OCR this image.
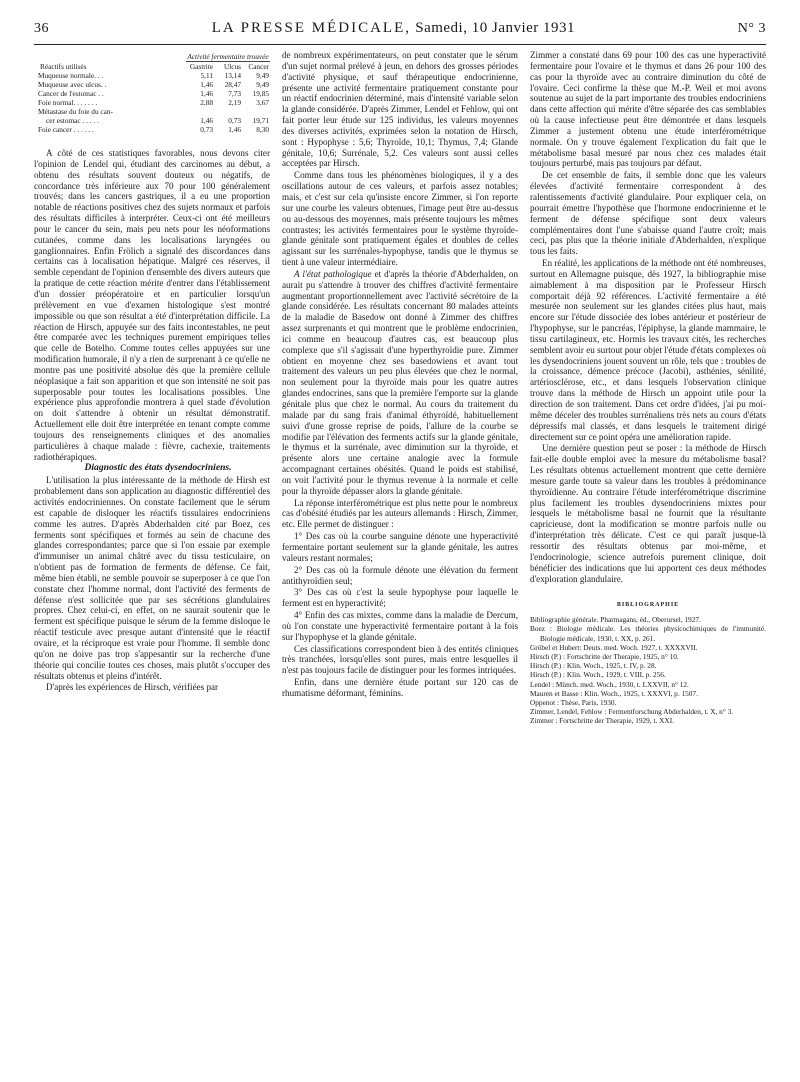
36	LA PRESSE MÉDICALE, Samedi, 10 Janvier 1931	N° 3
	Activité fermentaire trouvée		
Réactifs utilisés	Gastrite	Ulcus	Cancer
Muqueuse normale. . .	5,11	13,14	9,49
Muqueuse avec ulcus. .	1,46	28,47	9,49
Cancer de l'estomac . .	1,46	7,73	19,85
Foie normal. . . . . . .	2,88	2,19	3,67
Métastase du foie du can-			
cer estomac . . . . .	1,46	0,73	19,71
Foie cancer . . . . . .	0,73	1,46	8,30

A côté de ces statistiques favorables, nous devons citer l'opinion de Lendel qui, étudiant des carcinomes au début, a obtenu des résultats souvent douteux ou négatifs, de concordance très inférieure aux 70 pour 100 généralement trouvés; dans les cancers gastriques, il a eu une proportion notable de réactions positives chez des sujets normaux et parfois des résultats difficiles à interpréter. Ceux-ci ont été meilleurs pour le cancer du sein, mais peu nets pour les néoformations cutanées, comme dans les localisations laryngées ou ganglionnaires. Enfin Frölich a signalé des discordances dans certains cas à localisation hépatique. Malgré ces réserves, il semble cependant de l'opinion d'ensemble des divers auteurs que la pratique de cette réaction mérite d'entrer dans l'établissement d'un dossier préopératoire et en particulier lorsqu'un prélèvement en vue d'examen histologique s'est montré impossible ou que son résultat a été d'interprétation difficile. La réaction de Hirsch, appuyée sur des faits incontestables, ne peut être comparée avec les techniques purement empiriques telles que celle de Botelho. Comme toutes celles appuyées sur une modification humorale, il n'y a rien de surprenant à ce qu'elle ne montre pas une positivité absolue dès que la première cellule néoplasique a fait son apparition et que son intensité ne soit pas superposable pour toutes les localisations possibles. Une expérience plus approfondie montrera à quel stade d'évolution on doit s'attendre à obtenir un résultat démonstratif. Actuellement elle doit être interprétée en tenant compte comme toujours des renseignements cliniques et des anomalies particulières à chaque malade : fièvre, cachexie, traitements radiothérapiques.

Diagnostic des états dysendocriniens.

L'utilisation la plus intéressante de la méthode de Hirsh est probablement dans son application au diagnostic différentiel des activités endocriniennes. On constate facilement que le sérum est capable de disloquer les réactifs tissulaires endocriniens comme les autres. D'après Abderhalden cité par Boez, ces ferments sont spécifiques et formés au sein de chacune des glandes correspondantes; parce que si l'on essaie par exemple d'immuniser un animal châtré avec du tissu testiculaire, on n'obtient pas de formation de ferments de défense. Ce fait, même bien établi, ne semble pouvoir se superposer à ce que l'on constate chez l'homme normal, dont l'activité des ferments de défense n'est sollicitée que par ses sécrétions glandulaires propres. Chez celui-ci, en effet, on ne saurait soutenir que le ferment est spécifique puisque le sérum de la femme disloque le réactif testicule avec presque autant d'intensité que le réactif ovaire, et la réciproque est vraie pour l'homme. Il semble donc qu'on ne doive pas trop s'appesantir sur la recherche d'une théorie qui concilie toutes ces choses, mais plutôt s'occuper des résultats obtenus et pleins d'intérêt.

D'après les expériences de Hirsch, vérifiées par

de nombreux expérimentateurs, on peut constater que le sérum d'un sujet normal prélevé à jeun, en dehors des grosses périodes d'activité physique, et sauf thérapeutique endocrinienne, présente une activité fermentaire pratiquement constante pour un réactif endocrinien déterminé, mais d'intensité variable selon la glande considérée. D'après Zimmer, Lendel et Fehlow, qui ont fait porter leur étude sur 125 individus, les valeurs moyennes des diverses activités, exprimées selon la notation de Hirsch, sont : Hypophyse : 5,6; Thyroïde, 10,1; Thymus, 7,4; Glande génitale, 10,6; Surrénale, 5,2. Ces valeurs sont aussi celles acceptées par Hirsch.

Comme dans tous les phénomènes biologiques, il y a des oscillations autour de ces valeurs, et parfois assez notables; mais, et c'est sur cela qu'insiste encore Zimmer, si l'on reporte sur une courbe les valeurs obtenues, l'image peut être au-dessus ou au-dessous des moyennes, mais présente toujours les mêmes contrastes; les activités fermentaires pour le système thyroïde-glande génitale sont pratiquement égales et doubles de celles agissant sur les surrénales-hypophyse, tandis que le thymus se tient à une valeur intermédiaire.

A l'état pathologique et d'après la théorie d'Abderhalden, on aurait pu s'attendre à trouver des chiffres d'activité fermentaire augmentant proportionnellement avec l'activité sécrétoire de la glande considérée. Les résultats concernant 80 malades atteints de la maladie de Basedow ont donné à Zimmer des chiffres assez surprenants et qui montrent que le problème endocrinien, ici comme en beaucoup d'autres cas, est beaucoup plus complexe que s'il s'agissait d'une hyperthyroïdie pure. Zimmer obtient en moyenne chez ses basedowiens et avant tout traitement des valeurs un peu plus élevées que chez le normal, non seulement pour la thyroïde mais pour les quatre autres glandes endocrines, sans que la première l'emporte sur la glande génitale plus que chez le normal. Au cours du traitement du malade par du sang frais d'animal éthyroïdé, habituellement suivi d'une grosse reprise de poids, l'allure de la courbe se modifie par l'élévation des ferments actifs sur la glande génitale, le thymus et la surrénale, avec diminution sur la thyroïde, et présente alors une certaine analogie avec la formule accompagnant certaines obésités. Quand le poids est stabilisé, on voit l'activité pour le thymus revenue à la normale et celle pour la thyroïde dépasser alors la glande génitale.

La réponse interférométrique est plus nette pour le nombreux cas d'obésité étudiés par les auteurs allemands : Hirsch, Zimmer, etc. Elle permet de distinguer :

1° Des cas où la courbe sanguine dénote une hyperactivité fermentaire portant seulement sur la glande génitale, les autres valeurs restant normales;

2° Des cas où la formule dénote une élévation du ferment antithyroïdien seul;

3° Des cas où c'est la seule hypophyse pour laquelle le ferment est en hyperactivité;

4° Enfin des cas mixtes, comme dans la maladie de Dercum, où l'on constate une hyperactivité fermentaire portant à la fois sur l'hypophyse et la glande génitale.

Ces classifications correspondent bien à des entités cliniques très tranchées, lorsqu'elles sont pures, mais entre lesquelles il n'est pas toujours facile de distinguer pour les formes intriquées.

Enfin, dans une dernière étude portant sur 120 cas de rhumatisme déformant, féminins.

Zimmer a constaté dans 69 pour 100 des cas une hyperactivité fermentaire pour l'ovaire et le thymus et dans 26 pour 100 des cas pour la thyroïde avec au contraire diminution du côté de l'ovaire. Ceci confirme la thèse que M.-P. Weil et moi avons soutenue au sujet de la part importante des troubles endocriniens dans cette affection qui mérite d'être séparée des cas semblables où la cause infectieuse peut être démontrée et dans lesquels Zimmer a justement obtenu une étude interférométrique normale. On y trouve également l'explication du fait que le métabolisme basal mesuré par nous chez ces malades était toujours perturbé, mais pas toujours par défaut.

De cet ensemble de faits, il semble donc que les valeurs élevées d'activité fermentaire correspondent à des ralentissements d'activité glandulaire. Pour expliquer cela, on pourrait émettre l'hypothèse que l'hormone endocrinienne et le ferment de défense spécifique sont deux valeurs complémentaires dont l'une s'abaisse quand l'autre croît; mais ceci, pas plus que la théorie initiale d'Abderhalden, n'explique tous les faits.

En réalité, les applications de la méthode ont été nombreuses, surtout en Allemagne puisque, dès 1927, la bibliographie mise aimablement à ma disposition par le Professeur Hirsch comportait déjà 92 références. L'activité fermentaire a été mesurée non seulement sur les glandes citées plus haut, mais encore sur l'étude dissociée des lobes antérieur et postérieur de l'hypophyse, sur le pancréas, l'épiphyse, la glande mammaire, le tissu cartilagineux, etc. Hormis les travaux cités, les recherches semblent avoir eu surtout pour objet l'étude d'états complexes où les dysendocriniens jouent souvent un rôle, tels que : troubles de la croissance, démence précoce (Jacobi), asthénies, sénilité, artériosclérose, etc., et dans lesquels l'observation clinique trouve dans la méthode de Hirsch un appoint utile pour la direction de son traitement. Dans cet ordre d'idées, j'ai pu moi-même déceler des troubles surrénaliens très nets au cours d'états dépressifs mal classés, et dans lesquels le traitement dirigé directement sur ce point opéra une amélioration rapide.

Une dernière question peut se poser : la méthode de Hirsch fait-elle double emploi avec la mesure du métabolisme basal? Les résultats obtenus actuellement montrent que cette dernière mesure garde toute sa valeur dans les troubles à prédominance thyroïdienne. Au contraire l'étude interférométrique discrimine plus facilement les troubles dysendocriniens mixtes pour lesquels le métabolisme basal ne fournit que la résultante capricieuse, dont la modification se montre parfois nulle ou d'interprétation très délicate. C'est ce qui paraît jusque-là ressortir des résultats obtenus par moi-même, et l'endocrinologie, science autrefois purement clinique, doit bénéficier des indications que lui apportent ces deux méthodes d'exploration glandulaire.

BIBLIOGRAPHIE
Bibliographie générale. Pharmagans, éd., Oberursel, 1927.
Boez : Biologie médicale. Les théories physicochimiques de l'immunité. Biologie médicale, 1930, t. XX, p. 261.
Gröbel et Hubert: Deuts. med. Woch. 1927, t. XXXXVII.
Hirsch (P.) : Fortschritte der Therapie, 1925, n° 10.
Hirsch (P.) : Klin. Woch., 1925, t. IV, p. 28.
Hirsch (P.) : Klin. Woch., 1929, t. VIII, p. 256.
Lendel : Münch. med. Woch., 1930, t. LXXVII, n° 12.
Mauren et Basse : Klin. Woch., 1925, t. XXXVI, p. 1507.
Oppenot : Thèse, Paris, 1930.
Zimmer, Lendel, Fehlow : Fermentforschung Abderhalden, t. X, n° 3.
Zimmer : Fortschritte der Therapie, 1929, t. XXI.
